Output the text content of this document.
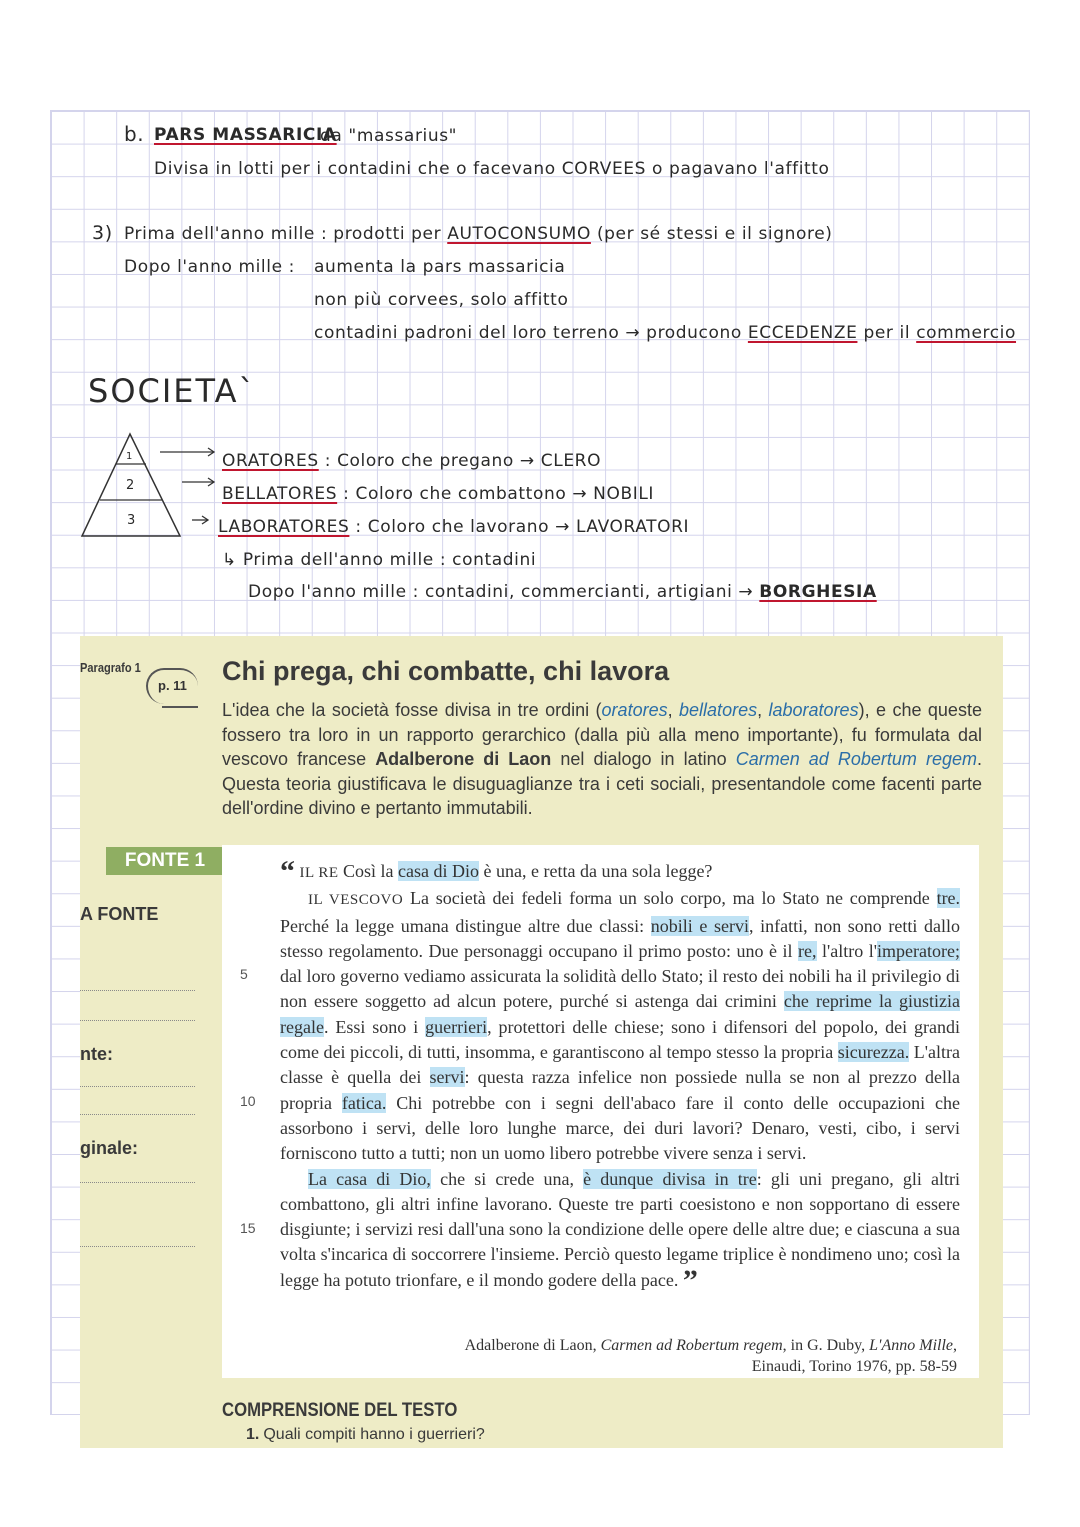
b. PARS MASSARICIA
da "massarius"
Divisa in lotti per i contadini che o facevano CORVEES o pagavano l'affitto
3) Prima dell'anno mille : prodotti per AUTOCONSUMO (per sé stessi e il signore)
Dopo l'anno mille : aumenta la pars massaricia
non più corvees, solo affitto
contadini padroni del loro terreno → producono ECCEDENZE per il commercio
SOCIETA`
1
2
3
ORATORES : Coloro che pregano → CLERO
BELLATORES : Coloro che combattono → NOBILI
LABORATORES : Coloro che lavorano → LAVORATORI
↳ Prima dell'anno mille : contadini
Dopo l'anno mille : contadini, commercianti, artigiani → BORGHESIA
Paragrafo 1
p. 11	Chi prega, chi combatte, chi lavora
L'idea che la società fosse divisa in tre ordini (oratores, bellatores, laboratores), e che queste fossero tra loro in un rapporto gerarchico (dalla più alla meno importante), fu formulata dal vescovo francese Adalberone di Laon nel dialogo in latino Carmen ad Robertum regem. Questa teoria giustificava le disuguaglianze tra i ceti sociali, presentandole come facenti parte dell'ordine divino e pertanto immutabili.
FONTE 1
A FONTE
nte:
ginale:
5
10
15
“ IL RE Così la casa di Dio è una, e retta da una sola legge?
IL VESCOVO La società dei fedeli forma un solo corpo, ma lo Stato ne comprende tre. Perché la legge umana distingue altre due classi: nobili e servi, infatti, non sono retti dallo stesso regolamento. Due personaggi occupano il primo posto: uno è il re, l'altro l'imperatore; dal loro governo vediamo assicurata la solidità dello Stato; il resto dei nobili ha il privilegio di non essere soggetto ad alcun potere, purché si astenga dai crimini che reprime la giustizia regale. Essi sono i guerrieri, protettori delle chiese; sono i difensori del popolo, dei grandi come dei piccoli, di tutti, insomma, e garantiscono al tempo stesso la propria sicurezza. L'altra classe è quella dei servi: questa razza infelice non possiede nulla se non al prezzo della propria fatica. Chi potrebbe con i segni dell'abaco fare il conto delle occupazioni che assorbono i servi, delle loro lunghe marce, dei duri lavori? Denaro, vesti, cibo, i servi forniscono tutto a tutti; non un uomo libero potrebbe vivere senza i servi.
La casa di Dio, che si crede una, è dunque divisa in tre: gli uni pregano, gli altri combattono, gli altri infine lavorano. Queste tre parti coesistono e non sopportano di essere disgiunte; i servizi resi dall'una sono la condizione delle opere delle altre due; e ciascuna a sua volta s'incarica di soccorrere l'insieme. Perciò questo legame triplice è nondimeno uno; così la legge ha potuto trionfare, e il mondo godere della pace. ”
Adalberone di Laon, Carmen ad Robertum regem, in G. Duby, L'Anno Mille,
Einaudi, Torino 1976, pp. 58-59
COMPRENSIONE DEL TESTO
1. Quali compiti hanno i guerrieri?
